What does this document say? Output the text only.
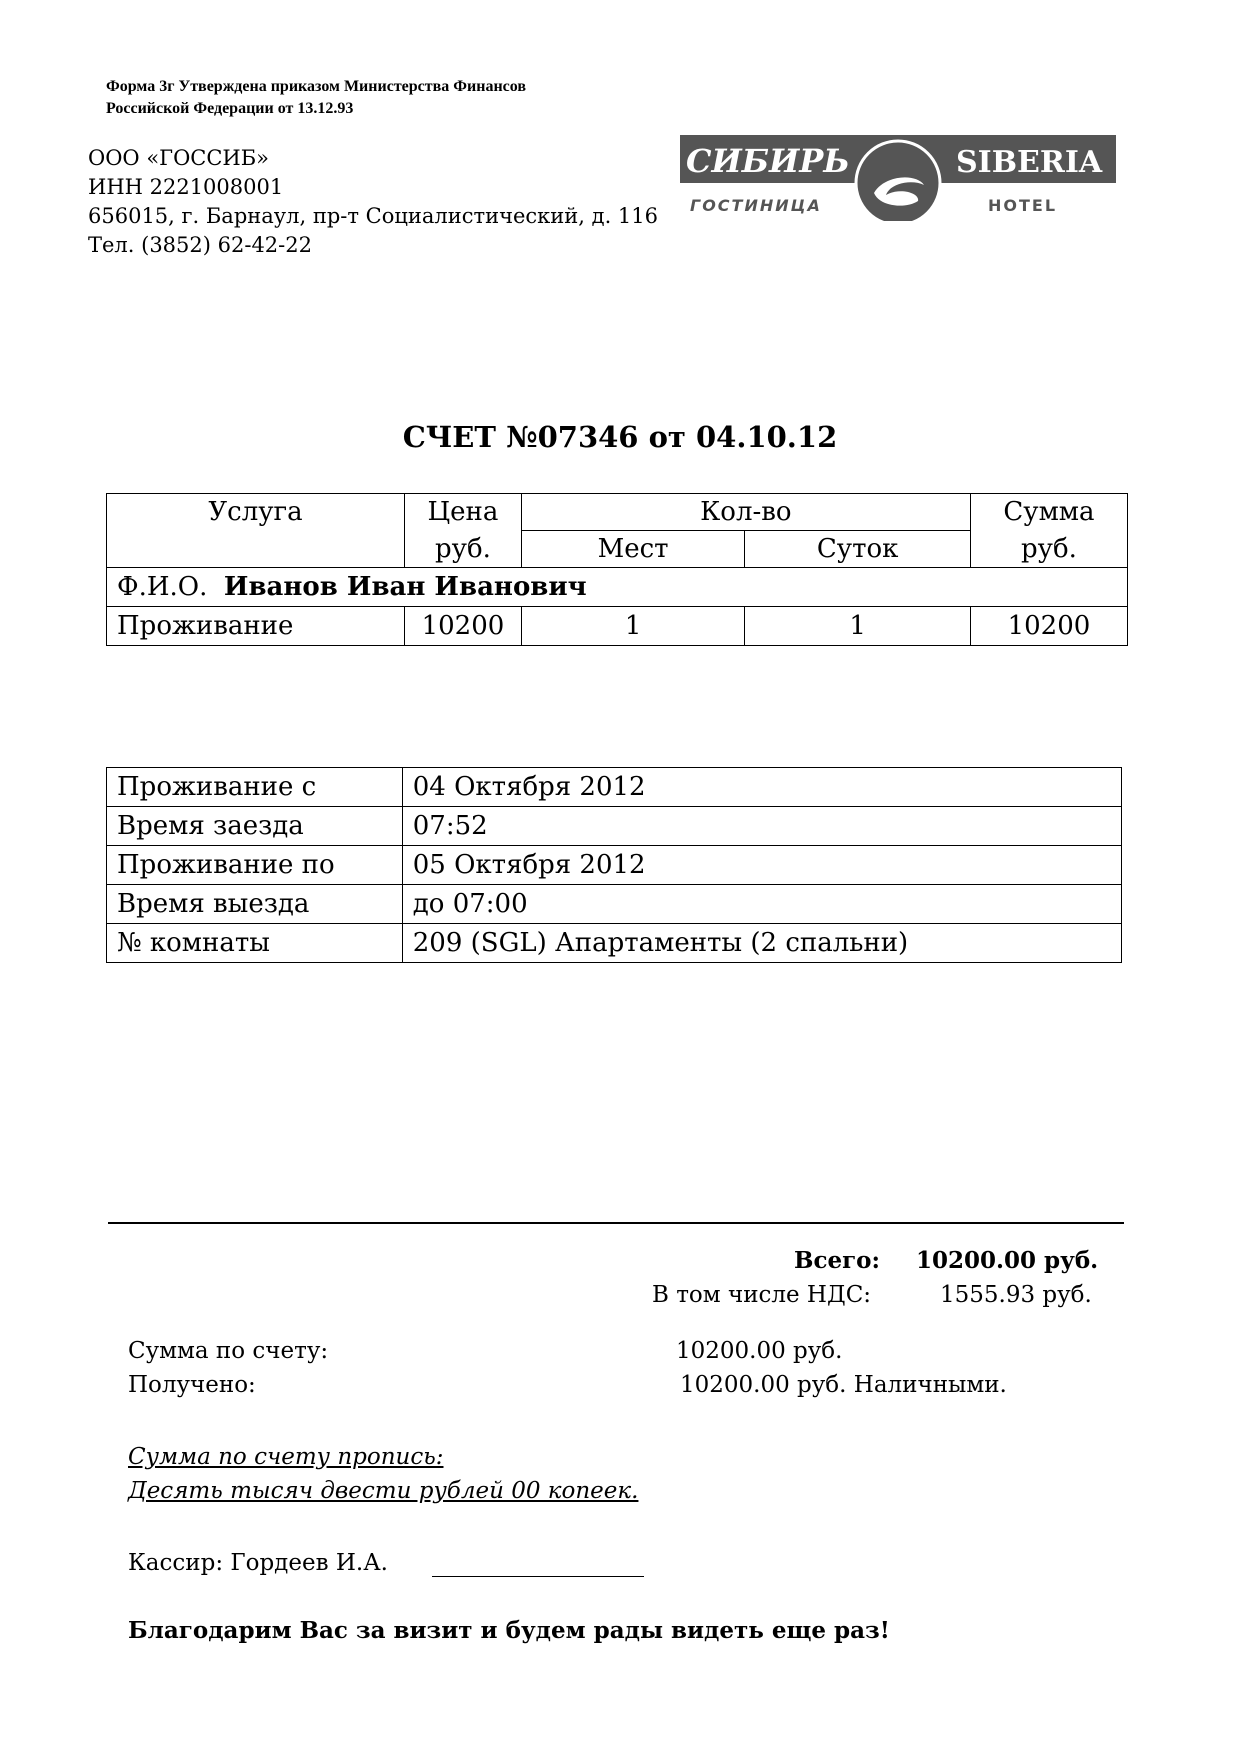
Форма 3г Утверждена приказом Министерства Финансов
Российской Федерации от 13.12.93
ООО «ГОССИБ»
ИНН 2221008001
656015, г. Барнаул, пр-т Социалистический, д. 116
Тел. (3852) 62-42-22
СИБИРЬ	SIBERIA
ГОСТИНИЦА	HOTEL
СЧЕТ №07346 от 04.10.12
Услуга	Цена	Кол-во		Сумма
	руб.	Мест	Суток	руб.
Ф.И.О. Иванов Иван Иванович				
Проживание	10200	1	1	10200
Проживание с	04 Октября 2012
Время заезда	07:52
Проживание по	05 Октября 2012
Время выезда	до 07:00
№ комнаты	209 (SGL) Апартаменты (2 спальни)
Всего: 10200.00 руб.
В том числе НДС:	1555.93 руб.
Сумма по счету:	10200.00 руб.
Получено:	10200.00 руб. Наличными.
Сумма по счету пропись:
Десять тысяч двести рублей 00 копеек.
Кассир: Гордеев И.А.
Благодарим Вас за визит и будем рады видеть еще раз!
